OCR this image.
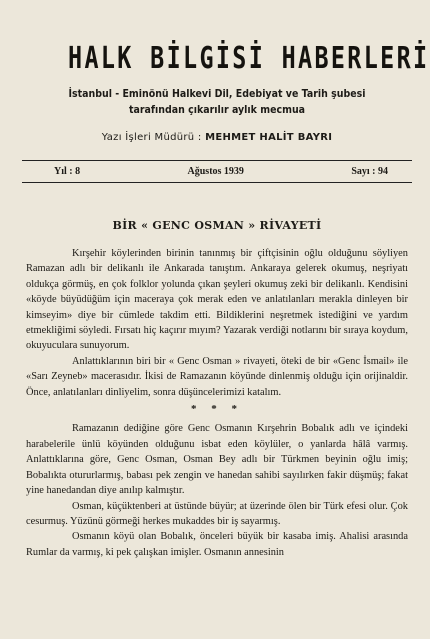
HALK BİLGİSİ HABERLERİ
İstanbul - Eminönü Halkevi Dil, Edebiyat ve Tarih şubesi
tarafından çıkarılır aylık mecmua
Yazı İşleri Müdürü : MEHMET HALİT BAYRI
Yıl : 8	Ağustos 1939	Sayı : 94
BİR « GENC OSMAN » RİVAYETİ

Kırşehir köylerinden birinin tanınmış bir çiftçisinin oğlu olduğunu söyliyen Ramazan adlı bir delikanlı ile Ankarada tanıştım. Ankaraya gelerek okumuş, neşriyatı oldukça görmüş, en çok folklor yolunda çıkan şeyleri okumuş zeki bir delikanlı. Kendisini «köyde büyüdüğüm için maceraya çok merak eden ve anlatılanları merakla dinleyen bir kimseyim» diye bir cümlede takdim etti. Bildiklerini neşretmek istediğini ve yardım etmekliğimi söyledi. Fırsatı hiç kaçırır mıyım? Yazarak verdiği notlarını bir sıraya koydum, okuyuculara sunuyorum.

Anlattıklarının biri bir « Genc Osman » rivayeti, öteki de bir «Genc İsmail» ile «Sarı Zeyneb» macerasıdır. İkisi de Ramazanın köyünde dinlenmiş olduğu için orijinaldir. Önce, anlatılanları dinliyelim, sonra düşüncelerimizi katalım.

* * *

Ramazanın dediğine göre Genc Osmanın Kırşehrin Bobalık adlı ve içindeki harabelerile ünlü köyünden olduğunu isbat eden köylüler, o yanlarda hâlâ varmış. Anlattıklarına göre, Genc Osman, Osman Bey adlı bir Türkmen beyinin oğlu imiş; Bobalıkta otururlarmış, babası pek zengin ve hanedan sahibi sayılırken fakir düşmüş; fakat yine hanedandan diye anılıp kalmıştır.

Osman, küçüktenberi at üstünde büyür; at üzerinde ölen bir Türk efesi olur. Çok cesurmuş. Yüzünü görmeği herkes mukaddes bir iş sayarmış.

Osmanın köyü olan Bobalık, önceleri büyük bir kasaba imiş. Ahalisi arasında Rumlar da varmış, ki pek çalışkan imişler. Osmanın annesinin
